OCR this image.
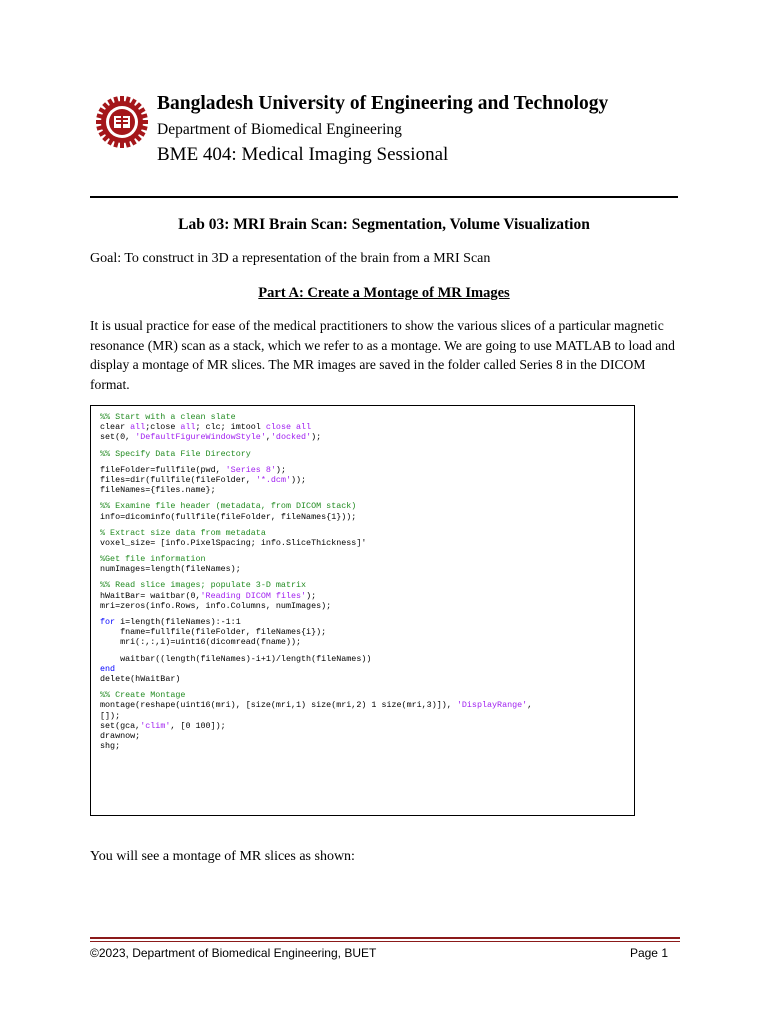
Bangladesh University of Engineering and Technology
Department of Biomedical Engineering
BME 404: Medical Imaging Sessional
Lab 03: MRI Brain Scan: Segmentation, Volume Visualization
Goal: To construct in 3D a representation of the brain from a MRI Scan
Part A: Create a Montage of MR Images
It is usual practice for ease of the medical practitioners to show the various slices of a particular magnetic resonance (MR) scan as a stack, which we refer to as a montage. We are going to use MATLAB to load and display a montage of MR slices. The MR images are saved in the folder called Series 8 in the DICOM format.
%% Start with a clean slate
clear all;close all; clc; imtool close all
set(0, 'DefaultFigureWindowStyle','docked');
%% Specify Data File Directory
fileFolder=fullfile(pwd, 'Series 8');
files=dir(fullfile(fileFolder, '*.dcm'));
fileNames={files.name};
%% Examine file header (metadata, from DICOM stack)
info=dicominfo(fullfile(fileFolder, fileNames{1}));
% Extract size data from metadata
voxel_size= [info.PixelSpacing; info.SliceThickness]'
%Get file information
numImages=length(fileNames);
%% Read slice images; populate 3-D matrix
hWaitBar= waitbar(0,'Reading DICOM files');
mri=zeros(info.Rows, info.Columns, numImages);
for i=length(fileNames):-1:1
fname=fullfile(fileFolder, fileNames{i});
mri(:,:,i)=uint16(dicomread(fname));
waitbar((length(fileNames)-i+1)/length(fileNames))
end
delete(hWaitBar)
%% Create Montage
montage(reshape(uint16(mri), [size(mri,1) size(mri,2) 1 size(mri,3)]), 'DisplayRange',
[]);
set(gca,'clim', [0 100]);
drawnow;
shg;
You will see a montage of MR slices as shown:
©2023, Department of Biomedical Engineering, BUET	Page 1
